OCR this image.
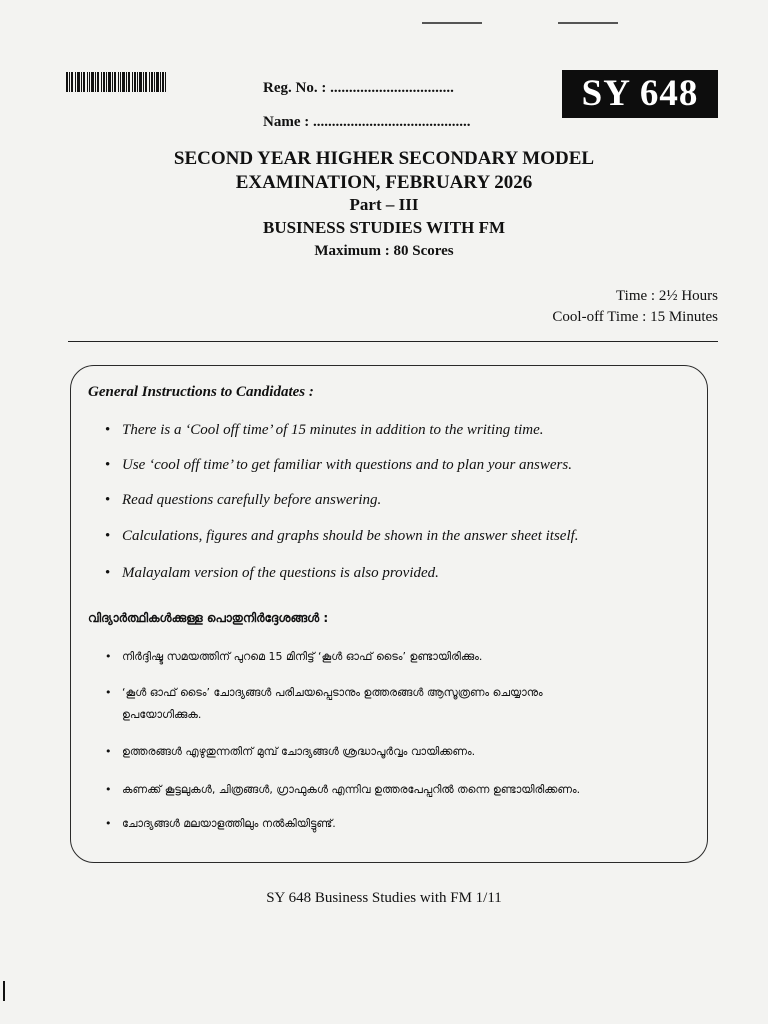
Reg. No. : .................................
Name : ..........................................
SY 648
SECOND YEAR HIGHER SECONDARY MODEL
EXAMINATION, FEBRUARY 2026
Part – III
BUSINESS STUDIES WITH FM
Maximum : 80 Scores
Time : 2½ Hours
Cool-off Time : 15 Minutes
General Instructions to Candidates :
• There is a ‘Cool off time’ of 15 minutes in addition to the writing time.
• Use ‘cool off time’ to get familiar with questions and to plan your answers.
• Read questions carefully before answering.
• Calculations, figures and graphs should be shown in the answer sheet itself.
• Malayalam version of the questions is also provided.
വിദ്യാർത്ഥികൾക്കുള്ള പൊതുനിർദ്ദേശങ്ങൾ :
• നിർദ്ദിഷ്ട സമയത്തിന് പുറമെ 15 മിനിട്ട് ‘കൂൾ ഓഫ് ടൈം’ ഉണ്ടായിരിക്കും.
• ‘കൂൾ ഓഫ് ടൈം’ ചോദ്യങ്ങൾ പരിചയപ്പെടാനും ഉത്തരങ്ങൾ ആസൂത്രണം ചെയ്യാനും
ഉപയോഗിക്കുക.
• ഉത്തരങ്ങൾ എഴുതുന്നതിന് മുമ്പ് ചോദ്യങ്ങൾ ശ്രദ്ധാപൂർവ്വം വായിക്കണം.
• കണക്ക് കൂട്ടലുകൾ, ചിത്രങ്ങൾ, ഗ്രാഫുകൾ എന്നിവ ഉത്തരപേപ്പറിൽ തന്നെ ഉണ്ടായിരിക്കണം.
• ചോദ്യങ്ങൾ മലയാളത്തിലും നൽകിയിട്ടുണ്ട്.
SY 648 Business Studies with FM 1/11
